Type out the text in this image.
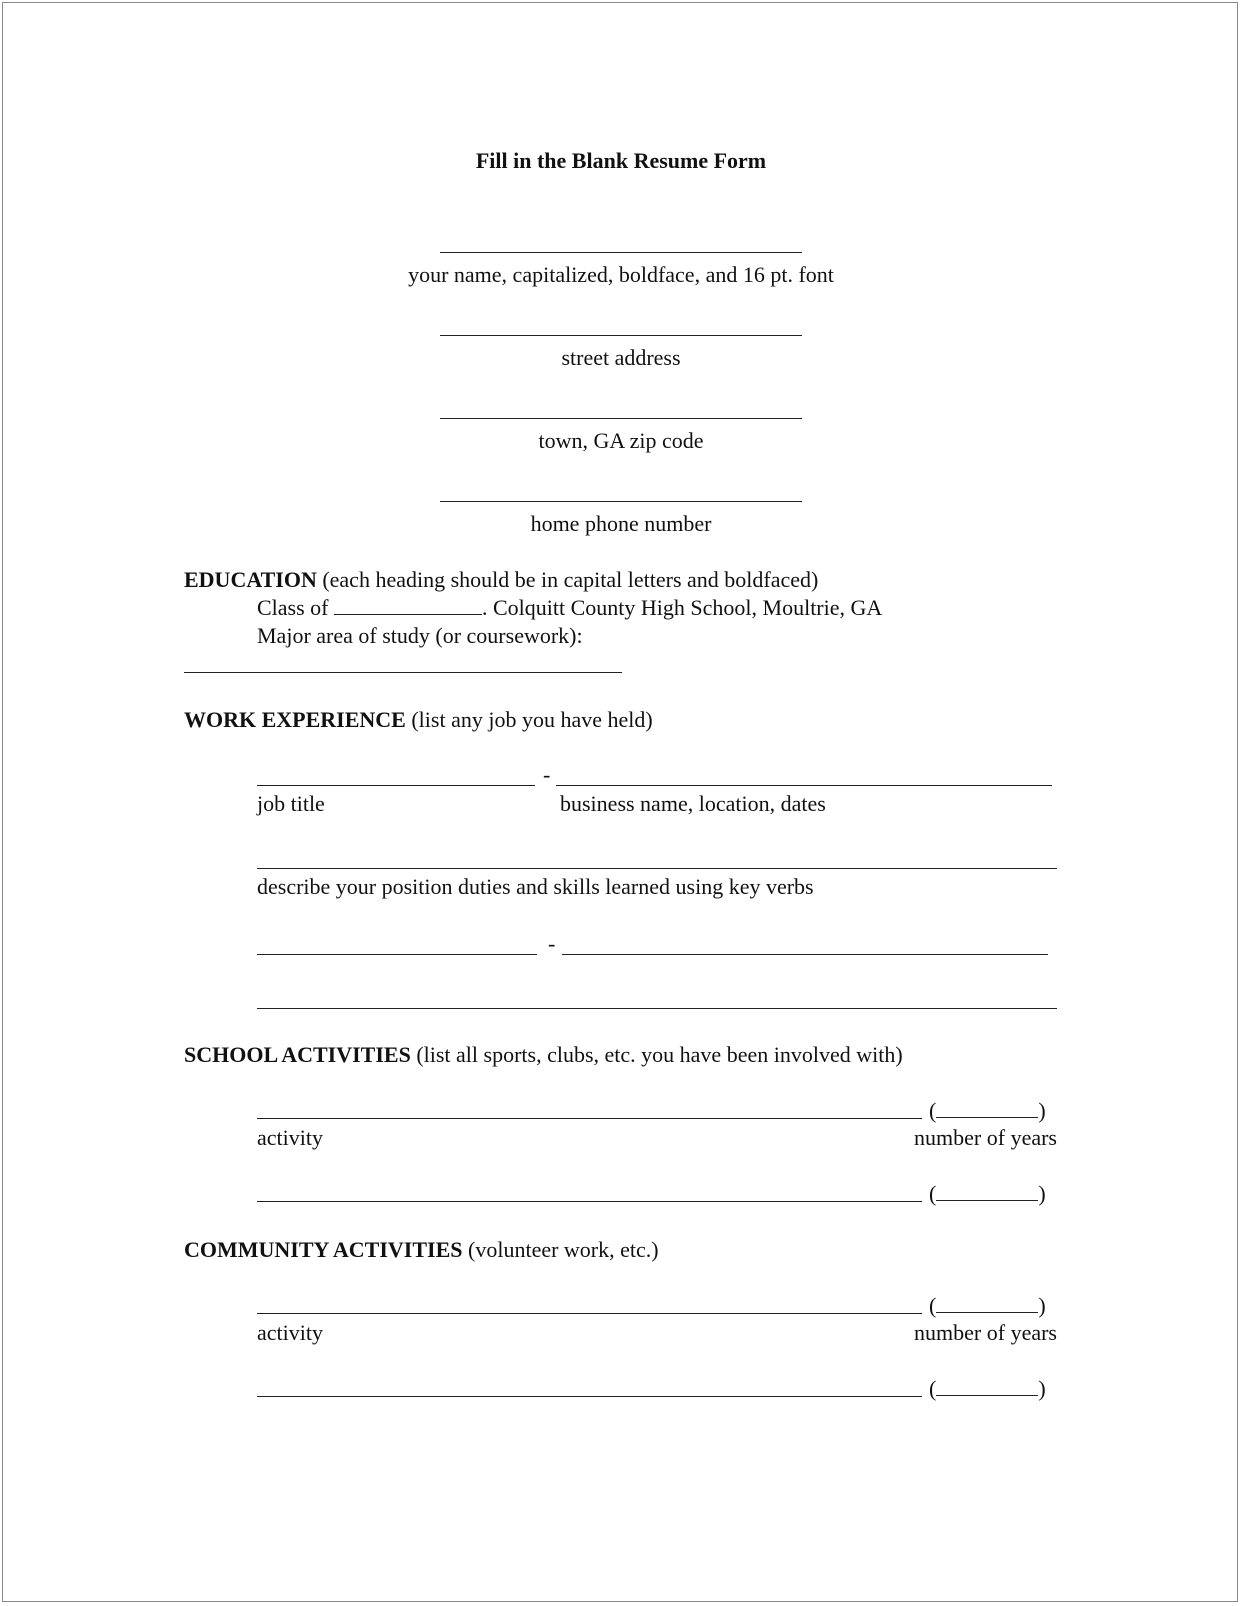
Fill in the Blank Resume Form
your name, capitalized, boldface, and 16 pt. font
street address
town, GA zip code
home phone number
EDUCATION (each heading should be in capital letters and boldfaced)
Class of	. Colquitt County High School, Moultrie, GA
Major area of study (or coursework):
WORK EXPERIENCE (list any job you have held)
-
job title	business name, location, dates
describe your position duties and skills learned using key verbs
-
SCHOOL ACTIVITIES (list all sports, clubs, etc. you have been involved with)
(	)
activity	number of years
(	)
COMMUNITY ACTIVITIES (volunteer work, etc.)
(	)
activity	number of years
(	)
